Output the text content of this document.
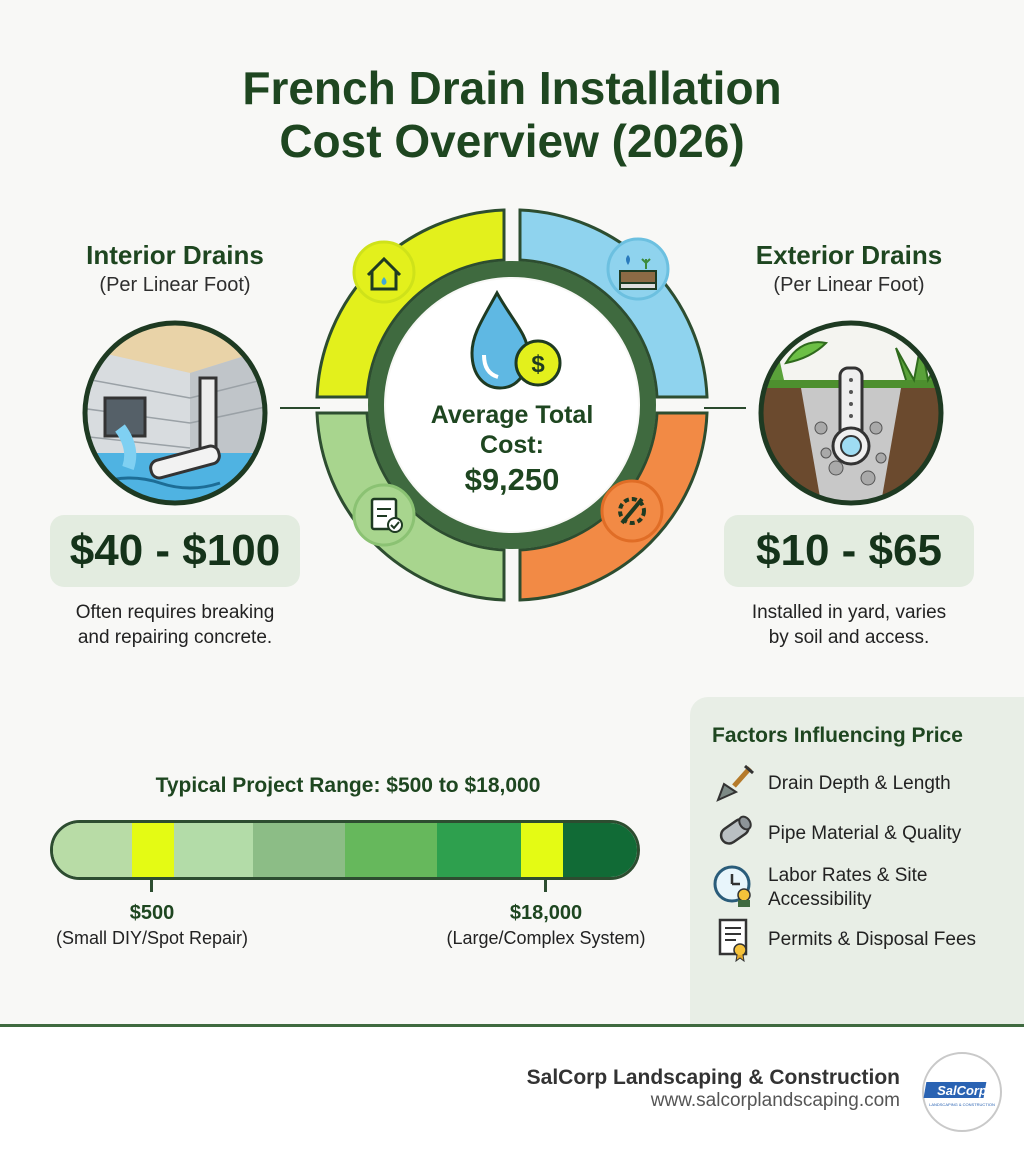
French Drain Installation
Cost Overview (2026)
Interior Drains
(Per Linear Foot)
$40 - $100
Often requires breaking
and repairing concrete.
$
Average Total
Cost:
$9,250
Exterior Drains
(Per Linear Foot)
$10 - $65
Installed in yard, varies
by soil and access.
Typical Project Range: $500 to $18,000
$500
(Small DIY/Spot Repair)
$18,000
(Large/Complex System)
Factors Influencing Price
Drain Depth & Length
Pipe Material & Quality
Labor Rates & Site
Accessibility
Permits & Disposal Fees
SalCorp Landscaping & Construction
www.salcorplandscaping.com	SalCorp
LANDSCAPING & CONSTRUCTION
